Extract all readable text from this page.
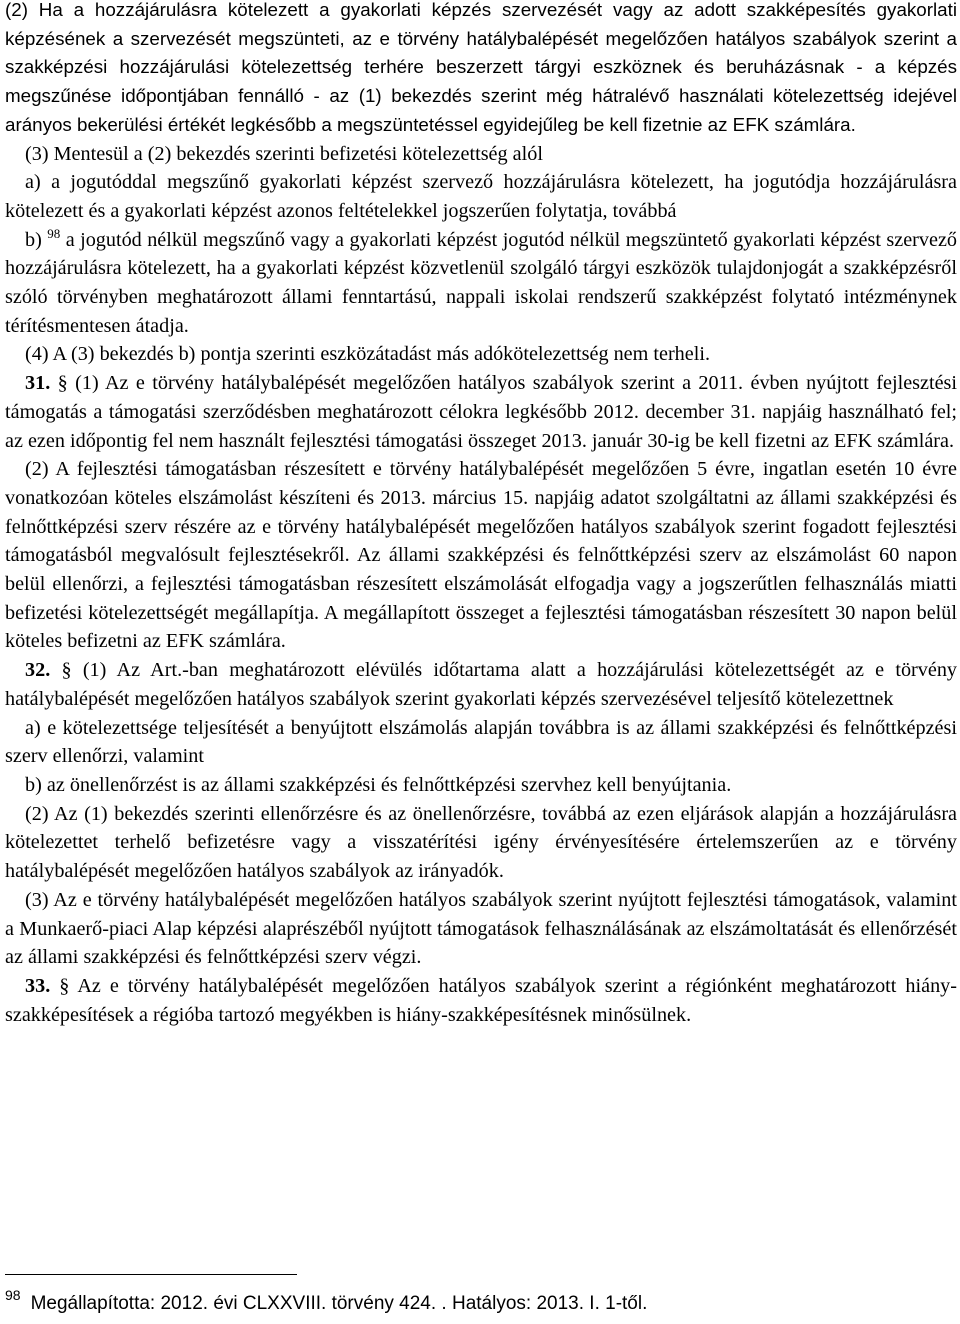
(2) Ha a hozzájárulásra kötelezett a gyakorlati képzés szervezését vagy az adott szakképesítés gyakorlati képzésének a szervezését megszünteti, az e törvény hatálybalépését megelőzően hatályos szabályok szerint a szakképzési hozzájárulási kötelezettség terhére beszerzett tárgyi eszköznek és beruházásnak - a képzés megszűnése időpontjában fennálló - az (1) bekezdés szerint még hátralévő használati kötelezettség idejével arányos bekerülési értékét legkésőbb a megszüntetéssel egyidejűleg be kell fizetnie az EFK számlára.

(3) Mentesül a (2) bekezdés szerinti befizetési kötelezettség alól

a) a jogutóddal megszűnő gyakorlati képzést szervező hozzájárulásra kötelezett, ha jogutódja hozzájárulásra kötelezett és a gyakorlati képzést azonos feltételekkel jogszerűen folytatja, továbbá

b) $^{98}$ a jogutód nélkül megszűnő vagy a gyakorlati képzést jogutód nélkül megszüntető gyakorlati képzést szervező hozzájárulásra kötelezett, ha a gyakorlati képzést közvetlenül szolgáló tárgyi eszközök tulajdonjogát a szakképzésről szóló törvényben meghatározott állami fenntartású, nappali iskolai rendszerű szakképzést folytató intézménynek térítésmentesen átadja.

(4) A (3) bekezdés b) pontja szerinti eszközátadást más adókötelezettség nem terheli.

31. § (1) Az e törvény hatálybalépését megelőzően hatályos szabályok szerint a 2011. évben nyújtott fejlesztési támogatás a támogatási szerződésben meghatározott célokra legkésőbb 2012. december 31. napjáig használható fel; az ezen időpontig fel nem használt fejlesztési támogatási összeget 2013. január 30-ig be kell fizetni az EFK számlára.

(2) A fejlesztési támogatásban részesített e törvény hatálybalépését megelőzően 5 évre, ingatlan esetén 10 évre vonatkozóan köteles elszámolást készíteni és 2013. március 15. napjáig adatot szolgáltatni az állami szakképzési és felnőttképzési szerv részére az e törvény hatálybalépését megelőzően hatályos szabályok szerint fogadott fejlesztési támogatásból megvalósult fejlesztésekről. Az állami szakképzési és felnőttképzési szerv az elszámolást 60 napon belül ellenőrzi, a fejlesztési támogatásban részesített elszámolását elfogadja vagy a jogszerűtlen felhasználás miatti befizetési kötelezettségét megállapítja. A megállapított összeget a fejlesztési támogatásban részesített 30 napon belül köteles befizetni az EFK számlára.

32. § (1) Az Art.-ban meghatározott elévülés időtartama alatt a hozzájárulási kötelezettségét az e törvény hatálybalépését megelőzően hatályos szabályok szerint gyakorlati képzés szervezésével teljesítő kötelezettnek

a) e kötelezettsége teljesítését a benyújtott elszámolás alapján továbbra is az állami szakképzési és felnőttképzési szerv ellenőrzi, valamint

b) az önellenőrzést is az állami szakképzési és felnőttképzési szervhez kell benyújtania.

(2) Az (1) bekezdés szerinti ellenőrzésre és az önellenőrzésre, továbbá az ezen eljárások alapján a hozzájárulásra kötelezettet terhelő befizetésre vagy a visszatérítési igény érvényesítésére értelemszerűen az e törvény hatálybalépését megelőzően hatályos szabályok az irányadók.

(3) Az e törvény hatálybalépését megelőzően hatályos szabályok szerint nyújtott fejlesztési támogatások, valamint a Munkaerő-piaci Alap képzési alaprészéből nyújtott támogatások felhasználásának az elszámoltatását és ellenőrzését az állami szakképzési és felnőttképzési szerv végzi.

33. § Az e törvény hatálybalépését megelőzően hatályos szabályok szerint a régiónként meghatározott hiány-szakképesítések a régióba tartozó megyékben is hiány-szakképesítésnek minősülnek.

$^{98}$ Megállapította: 2012. évi CLXXVIII. törvény 424. . Hatályos: 2013. I. 1-től.
